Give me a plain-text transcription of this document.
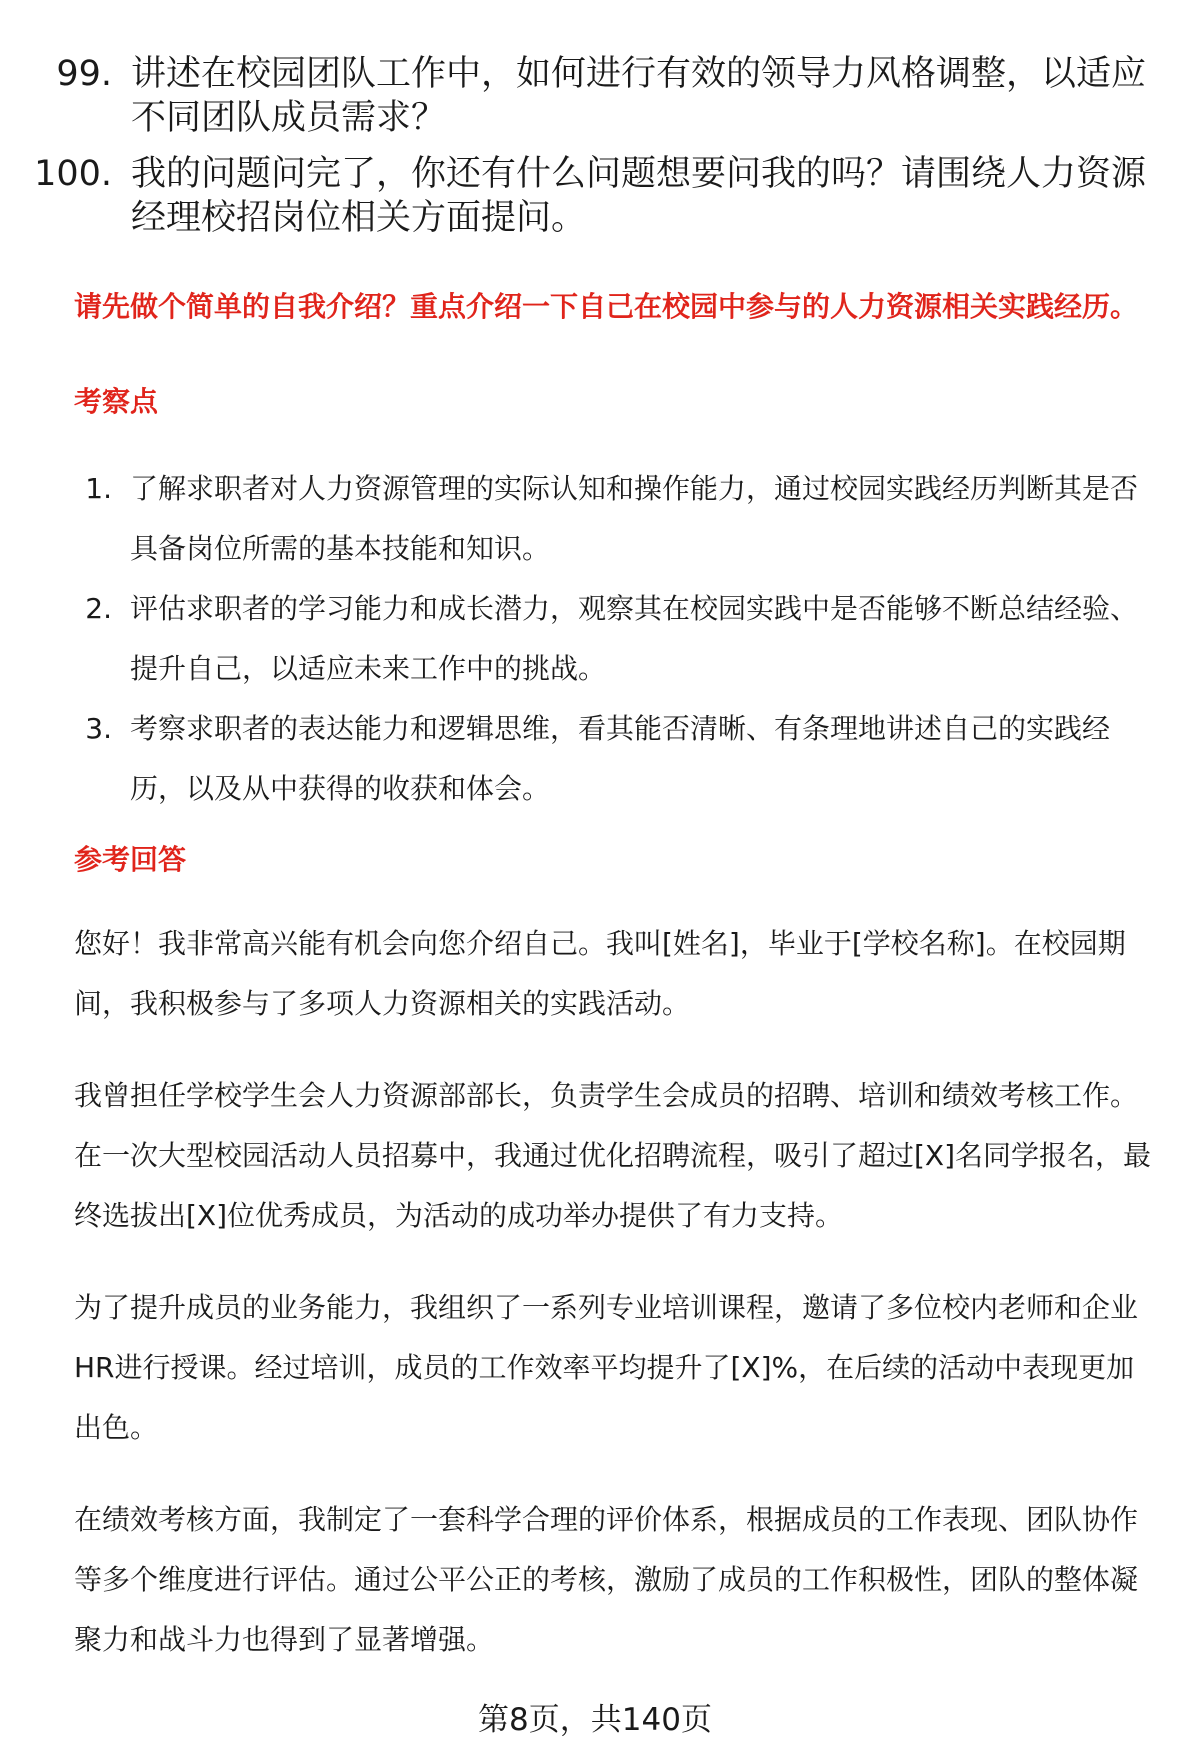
99. 讲述在校园团队工作中，如何进行有效的领导力风格调整，以适应不同团队成员需求？
100. 我的问题问完了，你还有什么问题想要问我的吗？请围绕人力资源经理校招岗位相关方面提问。
请先做个简单的自我介绍？重点介绍一下自己在校园中参与的人力资源相关实践经历。
考察点
1. 了解求职者对人力资源管理的实际认知和操作能力，通过校园实践经历判断其是否具备岗位所需的基本技能和知识。
2. 评估求职者的学习能力和成长潜力，观察其在校园实践中是否能够不断总结经验、提升自己，以适应未来工作中的挑战。
3. 考察求职者的表达能力和逻辑思维，看其能否清晰、有条理地讲述自己的实践经历，以及从中获得的收获和体会。
参考回答

您好！我非常高兴能有机会向您介绍自己。我叫[姓名]，毕业于[学校名称]。在校园期间，我积极参与了多项人力资源相关的实践活动。

我曾担任学校学生会人力资源部部长，负责学生会成员的招聘、培训和绩效考核工作。在一次大型校园活动人员招募中，我通过优化招聘流程，吸引了超过[X]名同学报名，最终选拔出[X]位优秀成员，为活动的成功举办提供了有力支持。

为了提升成员的业务能力，我组织了一系列专业培训课程，邀请了多位校内老师和企业HR进行授课。经过培训，成员的工作效率平均提升了[X]%，在后续的活动中表现更加出色。

在绩效考核方面，我制定了一套科学合理的评价体系，根据成员的工作表现、团队协作等多个维度进行评估。通过公平公正的考核，激励了成员的工作积极性，团队的整体凝聚力和战斗力也得到了显著增强。

第8页，共140页
